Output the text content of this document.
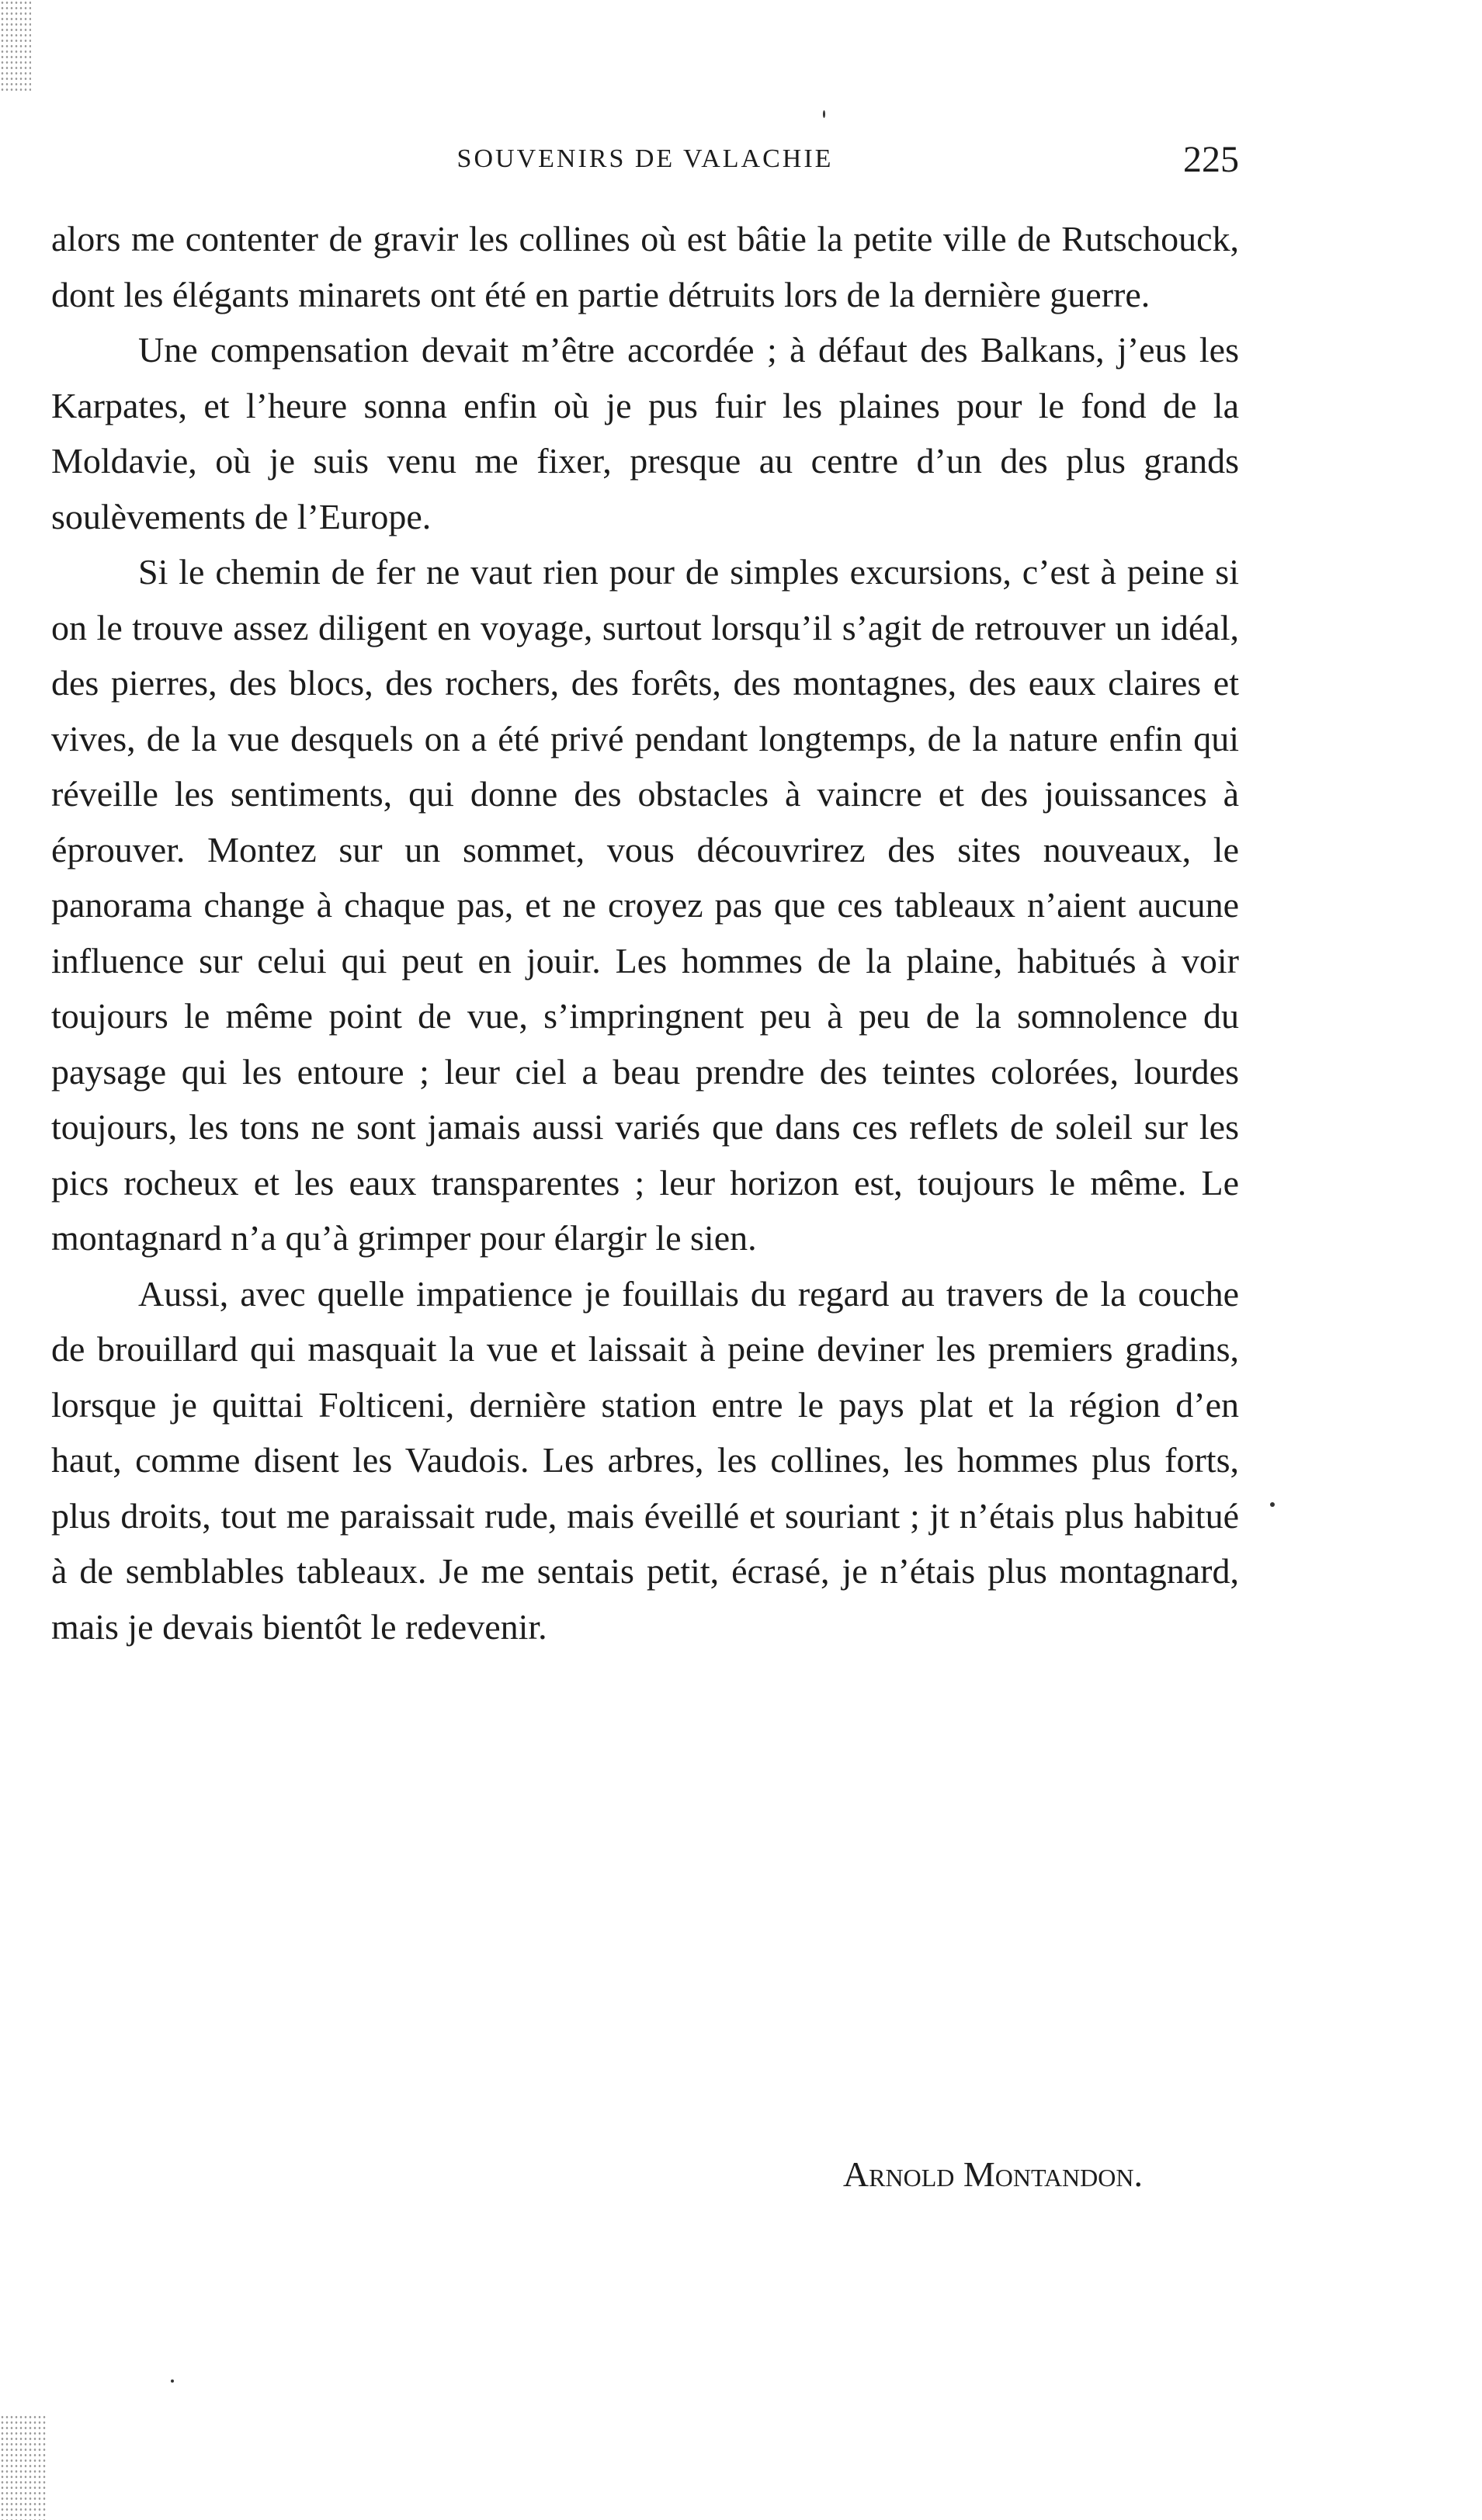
SOUVENIRS DE VALACHIE	225

alors me contenter de gravir les collines où est bâtie la petite ville de Rutschouck, dont les élégants minarets ont été en partie détruits lors de la dernière guerre.

Une compensation devait m’être accordée ; à défaut des Balkans, j’eus les Karpates, et l’heure sonna enfin où je pus fuir les plaines pour le fond de la Moldavie, où je suis venu me fixer, presque au centre d’un des plus grands soulèvements de l’Europe.

Si le chemin de fer ne vaut rien pour de simples excursions, c’est à peine si on le trouve assez diligent en voyage, surtout lorsqu’il s’agit de retrouver un idéal, des pierres, des blocs, des rochers, des forêts, des montagnes, des eaux claires et vives, de la vue desquels on a été privé pendant longtemps, de la nature enfin qui réveille les sentiments, qui donne des obstacles à vaincre et des jouissances à éprouver. Montez sur un sommet, vous découvrirez des sites nouveaux, le panorama change à chaque pas, et ne croyez pas que ces tableaux n’aient aucune influence sur celui qui peut en jouir. Les hommes de la plaine, habitués à voir toujours le même point de vue, s’impringnent peu à peu de la somnolence du paysage qui les entoure ; leur ciel a beau prendre des teintes colorées, lourdes toujours, les tons ne sont jamais aussi variés que dans ces reflets de soleil sur les pics rocheux et les eaux transparentes ; leur horizon est, toujours le même. Le montagnard n’a qu’à grimper pour élargir le sien.

Aussi, avec quelle impatience je fouillais du regard au travers de la couche de brouillard qui masquait la vue et laissait à peine deviner les premiers gradins, lorsque je quittai Folticeni, dernière station entre le pays plat et la région d’en haut, comme disent les Vaudois. Les arbres, les collines, les hommes plus forts, plus droits, tout me paraissait rude, mais éveillé et souriant ; jt n’étais plus habitué à de semblables tableaux. Je me sentais petit, écrasé, je n’étais plus montagnard, mais je devais bientôt le redevenir.

Arnold Montandon.
